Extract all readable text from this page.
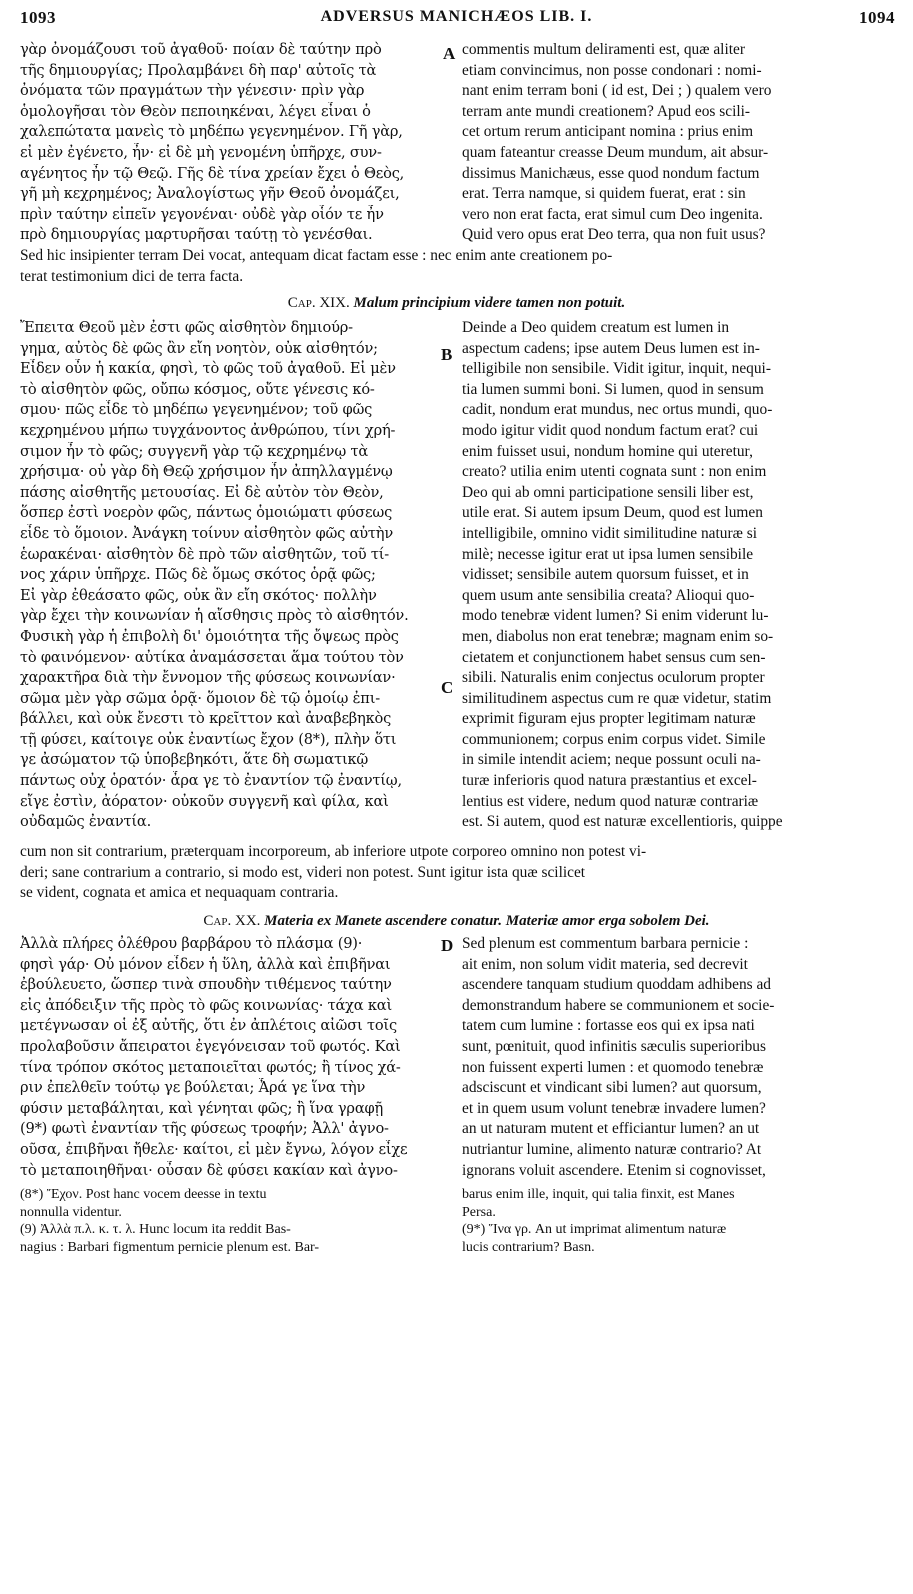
1093	ADVERSUS MANICHÆOS LIB. I.	1094
γὰρ ὀνομάζουσι τοῦ ἀγαθοῦ· ποίαν δὲ ταύτην πρὸ
τῆς δημιουργίας; Προλαμβάνει δὴ παρ' αὐτοῖς τὰ
ὀνόματα τῶν πραγμάτων τὴν γένεσιν· πρὶν γὰρ
ὁμολογῆσαι τὸν Θεὸν πεποιηκέναι, λέγει εἶναι ὁ
χαλεπώτατα μανεὶς τὸ μηδέπω γεγενημένον. Γῆ γὰρ,
εἰ μὲν ἐγένετο, ἦν· εἰ δὲ μὴ γενομένη ὑπῆρχε, συν-
αγένητος ἦν τῷ Θεῷ. Γῆς δὲ τίνα χρείαν ἔχει ὁ Θεὸς,
γῆ μὴ κεχρημένος; Ἀναλογίστως γῆν Θεοῦ ὀνομάζει,
πρὶν ταύτην εἰπεῖν γεγονέναι· οὐδὲ γὰρ οἷόν τε ἦν
πρὸ δημιουργίας μαρτυρῆσαι ταύτῃ τὸ γενέσθαι.
A commentis multum deliramenti est, quæ aliter
etiam convincimus, non posse condonari : nomi-
nant enim terram boni ( id est, Dei ; ) qualem vero
terram ante mundi creationem? Apud eos scili-
cet ortum rerum anticipant nomina : prius enim
quam fateantur creasse Deum mundum, ait absur-
dissimus Manichæus, esse quod nondum factum
erat. Terra namque, si quidem fuerat, erat : sin
vero non erat facta, erat simul cum Deo ingenita.
Quid vero opus erat Deo terra, qua non fuit usus?
Sed hic insipienter terram Dei vocat, antequam dicat factam esse : nec enim ante creationem po-
terat testimonium dici de terra facta.
Cap. XIX. Malum principium videre tamen non potuit.
Ἔπειτα Θεοῦ μὲν ἐστι φῶς αἰσθητὸν δημιούρ-
γημα, αὐτὸς δὲ φῶς ἂν εἴη νοητὸν, οὐκ αἰσθητόν;
Εἶδεν οὖν ἡ κακία, φησὶ, τὸ φῶς τοῦ ἀγαθοῦ. Εἰ μὲν
τὸ αἰσθητὸν φῶς, οὔπω κόσμος, οὔτε γένεσις κό-
σμου· πῶς εἶδε τὸ μηδέπω γεγενημένον; τοῦ φῶς
κεχρημένου μήπω τυγχάνοντος ἀνθρώπου, τίνι χρή-
σιμον ἦν τὸ φῶς; συγγενῆ γὰρ τῷ κεχρημένῳ τὰ
χρήσιμα· οὐ γὰρ δὴ Θεῷ χρήσιμον ἦν ἀπηλλαγμένῳ
πάσης αἰσθητῆς μετουσίας. Εἰ δὲ αὐτὸν τὸν Θεὸν,
ὅσπερ ἐστὶ νοερὸν φῶς, πάντως ὁμοιώματι φύσεως
εἶδε τὸ ὅμοιον. Ἀνάγκη τοίνυν αἰσθητὸν φῶς αὐτὴν
ἑωρακέναι· αἰσθητὸν δὲ πρὸ τῶν αἰσθητῶν, τοῦ τί-
νος χάριν ὑπῆρχε. Πῶς δὲ ὅμως σκότος ὁρᾷ φῶς;
Εἰ γὰρ ἐθεάσατο φῶς, οὐκ ἂν εἴη σκότος· πολλὴν
γὰρ ἔχει τὴν κοινωνίαν ἡ αἴσθησις πρὸς τὸ αἰσθητόν.
Φυσικὴ γὰρ ἡ ἐπιβολὴ δι' ὁμοιότητα τῆς ὄψεως πρὸς
τὸ φαινόμενον· αὐτίκα ἀναμάσσεται ἅμα τούτου τὸν
χαρακτῆρα διὰ τὴν ἔννομον τῆς φύσεως κοινωνίαν·
σῶμα μὲν γὰρ σῶμα ὁρᾷ· ὅμοιον δὲ τῷ ὁμοίῳ ἐπι-
βάλλει, καὶ οὐκ ἔνεστι τὸ κρεῖττον καὶ ἀναβεβηκὸς
τῇ φύσει, καίτοιγε οὐκ ἐναντίως ἔχον (8*), πλὴν ὅτι
γε ἀσώματον τῷ ὑποβεβηκότι, ἅτε δὴ σωματικῷ
πάντως οὐχ ὁρατόν· ἆρα γε τὸ ἐναντίον τῷ ἐναντίῳ,
εἴγε ἐστὶν, ἀόρατον· οὐκοῦν συγγενῆ καὶ φίλα, καὶ
οὐδαμῶς ἐναντία.
B
C
Deinde a Deo quidem creatum est lumen in
aspectum cadens; ipse autem Deus lumen est in-
telligibile non sensibile. Vidit igitur, inquit, nequi-
tia lumen summi boni. Si lumen, quod in sensum
cadit, nondum erat mundus, nec ortus mundi, quo-
modo igitur vidit quod nondum factum erat? cui
enim fuisset usui, nondum homine qui uteretur,
creato? utilia enim utenti cognata sunt : non enim
Deo qui ab omni participatione sensili liber est,
utile erat. Si autem ipsum Deum, quod est lumen
intelligibile, omnino vidit similitudine naturæ si
milè; necesse igitur erat ut ipsa lumen sensibile
vidisset; sensibile autem quorsum fuisset, et in
quem usum ante sensibilia creata? Alioqui quo-
modo tenebræ vident lumen? Si enim viderunt lu-
men, diabolus non erat tenebræ; magnam enim so-
cietatem et conjunctionem habet sensus cum sen-
sibili. Naturalis enim conjectus oculorum propter
similitudinem aspectus cum re quæ videtur, statim
exprimit figuram ejus propter legitimam naturæ
communionem; corpus enim corpus videt. Simile
in simile intendit aciem; neque possunt oculi na-
turæ inferioris quod natura præstantius et excel-
lentius est videre, nedum quod naturæ contrariæ
est. Si autem, quod est naturæ excellentioris, quippe
cum non sit contrarium, præterquam incorporeum, ab inferiore utpote corporeo omnino non potest vi-
deri; sane contrarium a contrario, si modo est, videri non potest. Sunt igitur ista quæ scilicet
se vident, cognata et amica et nequaquam contraria.
Cap. XX. Materia ex Manete ascendere conatur. Materiæ amor erga sobolem Dei.
Ἀλλὰ πλήρες ὀλέθρου βαρβάρου τὸ πλάσμα (9)·
φησὶ γάρ· Οὐ μόνον εἶδεν ἡ ὕλη, ἀλλὰ καὶ ἐπιβῆναι
ἐβούλευετο, ὥσπερ τινὰ σπουδὴν τιθέμενος ταύτην
εἰς ἀπόδειξιν τῆς πρὸς τὸ φῶς κοινωνίας· τάχα καὶ
μετέγνωσαν οἱ ἐξ αὐτῆς, ὅτι ἐν ἀπλέτοις αἰῶσι τοῖς
προλαβοῦσιν ἄπειρατοι ἐγεγόνεισαν τοῦ φωτός. Καὶ
τίνα τρόπον σκότος μεταποιεῖται φωτός; ἢ τίνος χά-
ριν ἐπελθεῖν τούτῳ γε βούλεται; Ἆρά γε ἵνα τὴν
φύσιν μεταβάληται, καὶ γένηται φῶς; ἢ ἵνα γραφῇ
(9*) φωτὶ ἐναντίαν τῆς φύσεως τροφήν; Ἀλλ' ἀγνο-
οῦσα, ἐπιβῆναι ἤθελε· καίτοι, εἰ μὲν ἔγνω, λόγον εἶχε
τὸ μεταποιηθῆναι· οὖσαν δὲ φύσει κακίαν καὶ ἀγνο-
D Sed plenum est commentum barbara pernicie :
ait enim, non solum vidit materia, sed decrevit
ascendere tanquam studium quoddam adhibens ad
demonstrandum habere se communionem et socie-
tatem cum lumine : fortasse eos qui ex ipsa nati
sunt, pœnituit, quod infinitis sæculis superioribus
non fuissent experti lumen : et quomodo tenebræ
adsciscunt et vindicant sibi lumen? aut quorsum,
et in quem usum volunt tenebræ invadere lumen?
an ut naturam mutent et efficiantur lumen? an ut
nutriantur lumine, alimento naturæ contrario? At
ignorans voluit ascendere. Etenim si cognovisset,
(8*) Ἔχον. Post hanc vocem deesse in textu
nonnulla videntur.
(9) Ἀλλὰ π.λ. κ. τ. λ. Hunc locum ita reddit Bas-
nagius : Barbari figmentum pernicie plenum est. Bar-
barus enim ille, inquit, qui talia finxit, est Manes
Persa.
(9*) Ἵνα γρ. An ut imprimat alimentum naturæ
lucis contrarium? Basn.
